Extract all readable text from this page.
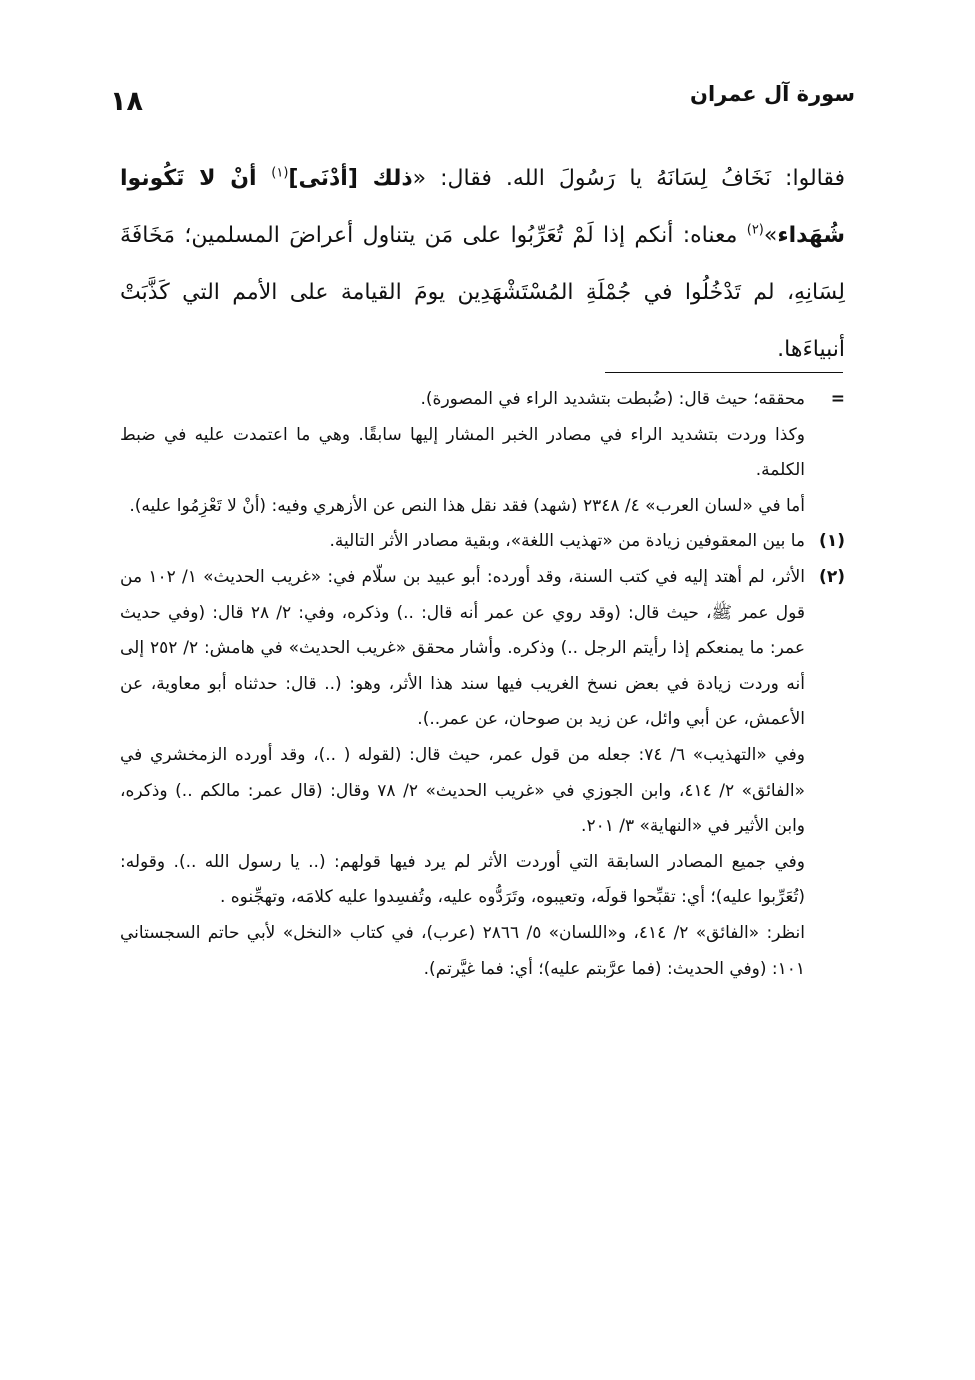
١٨	سورة آل عمران

فقالوا: نَخَافُ لِسَانَهُ يا رَسُولَ الله. فقال: «ذلك [أدْنَى]$^{(١)}$ أنْ لا تَكُونوا شُهَداء»$^{(٢)}$ معناه: أنكم إذا لَمْ تُعَرِّبُوا على مَن يتناول أعراضَ المسلمين؛ مَخَافَةَ لِسَانِهِ، لم تَدْخُلُوا في جُمْلَةِ المُسْتَشْهَدِين يومَ القيامة على الأمم التي كَذَّبَتْ أنبياءَها.

=

محققه؛ حيث قال: (ضُبطت بتشديد الراء في المصورة).

وكذا وردت بتشديد الراء في مصادر الخبر المشار إليها سابقًا. وهي ما اعتمدت عليه في ضبط الكلمة.

أما في «لسان العرب» ٤/ ٢٣٤٨ (شهد) فقد نقل هذا النص عن الأزهري وفيه: (أنْ لا تَعْزِمُوا عليه).

(١)

ما بين المعقوفين زيادة من «تهذيب اللغة»، وبقية مصادر الأثر التالية.

(٢)

الأثر، لم أهتد إليه في كتب السنة، وقد أورده: أبو عبيد بن سلّام في: «غريب الحديث» ١/ ١٠٢ من قول عمر ﷺ، حيث قال: (وقد روي عن عمر أنه قال: ..) وذكره، وفي: ٢/ ٢٨ قال: (وفي حديث عمر: ما يمنعكم إذا رأيتم الرجل ..) وذكره. وأشار محقق «غريب الحديث» في هامش: ٢/ ٢٥٢ إلى أنه وردت زيادة في بعض نسخ الغريب فيها سند هذا الأثر، وهو: (.. قال: حدثناه أبو معاوية، عن الأعمش، عن أبي وائل، عن زيد بن صوحان، عن عمر..).

وفي «التهذيب» ٦/ ٧٤: جعله من قول عمر، حيث قال: (لقوله ( ..)، وقد أورده الزمخشري في «الفائق» ٢/ ٤١٤، وابن الجوزي في «غريب الحديث» ٢/ ٧٨ وقال: (قال عمر: مالكم ..) وذكره، وابن الأثير في «النهاية» ٣/ ٢٠١.

وفي جميع المصادر السابقة التي أوردت الأثر لم يرد فيها قولهم: (.. يا رسول الله ..). وقوله: (تُعَرِّبوا عليه)؛ أي: تقبِّحوا قولَه، وتعيبوه، وتَرَدُّوه عليه، وتُفسِدوا عليه كلامَه، وتهجِّنوه .

انظر: «الفائق» ٢/ ٤١٤، و«اللسان» ٥/ ٢٨٦٦ (عرب)، في كتاب «النخل» لأبي حاتم السجستاني ١٠١: (وفي الحديث: (فما عرَّبتم عليه)؛ أي: فما غيَّرتم).
